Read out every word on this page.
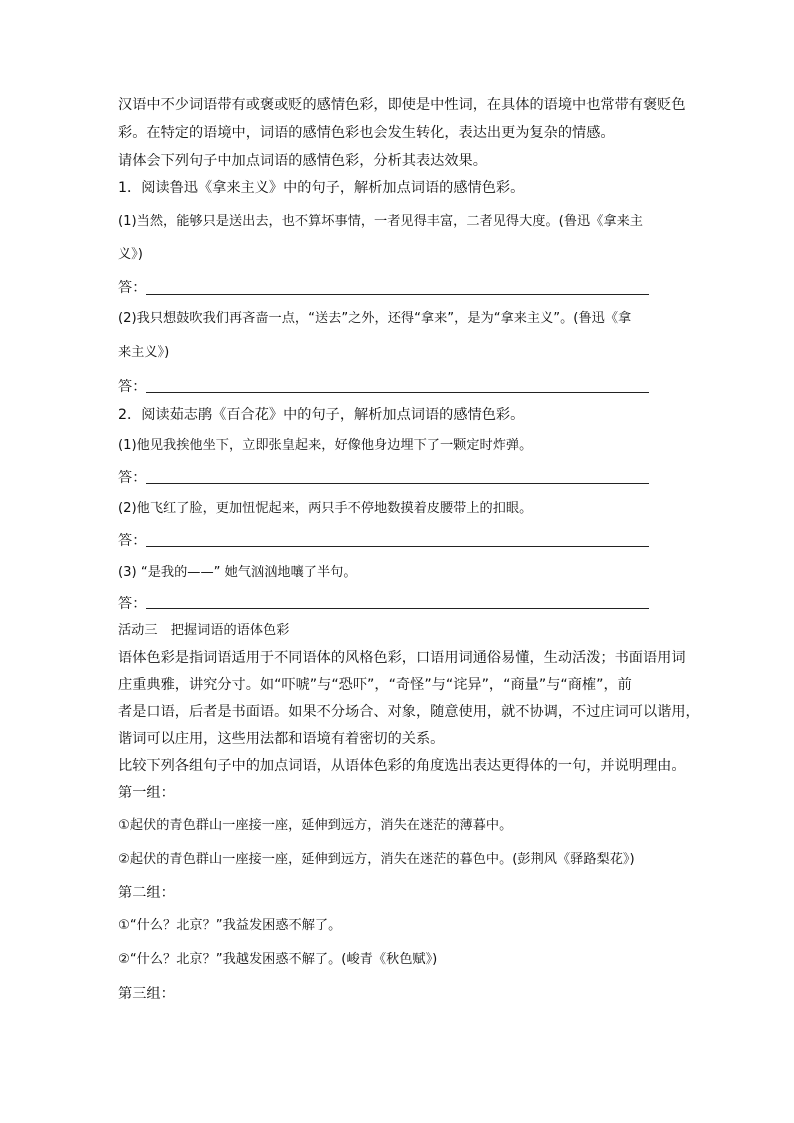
汉语中不少词语带有或褒或贬的感情色彩，即使是中性词，在具体的语境中也常带有褒贬色
彩。在特定的语境中，词语的感情色彩也会发生转化，表达出更为复杂的情感。
请体会下列句子中加点词语的感情色彩，分析其表达效果。
1．阅读鲁迅《拿来主义》中的句子，解析加点词语的感情色彩。
(1)当然，能够只是送出去，也不算坏事情，一者见得丰富，二者见得大度。(鲁迅《拿来主
义》)
答：
(2)我只想鼓吹我们再吝啬一点，“送去”之外，还得“拿来”，是为“拿来主义”。(鲁迅《拿
来主义》)
答：
2．阅读茹志鹃《百合花》中的句子，解析加点词语的感情色彩。
(1)他见我挨他坐下，立即张皇起来，好像他身边埋下了一颗定时炸弹。
答：
(2)他飞红了脸，更加忸怩起来，两只手不停地数摸着皮腰带上的扣眼。
答：
(3) “是我的——” 她气汹汹地嚷了半句。
答：
活动三　把握词语的语体色彩
语体色彩是指词语适用于不同语体的风格色彩，口语用词通俗易懂，生动活泼；书面语用词
庄重典雅，讲究分寸。如“吓唬”与“恐吓”，“奇怪”与“诧异”，“商量”与“商榷”，前
者是口语，后者是书面语。如果不分场合、对象，随意使用，就不协调，不过庄词可以谐用，
谐词可以庄用，这些用法都和语境有着密切的关系。
比较下列各组句子中的加点词语，从语体色彩的角度选出表达更得体的一句，并说明理由。
第一组：
①起伏的青色群山一座接一座，延伸到远方，消失在迷茫的薄暮中。
②起伏的青色群山一座接一座，延伸到远方，消失在迷茫的暮色中。(彭荆风《驿路梨花》)
第二组：
①“什么？北京？”我益发困惑不解了。
②“什么？北京？”我越发困惑不解了。(峻青《秋色赋》)
第三组：
